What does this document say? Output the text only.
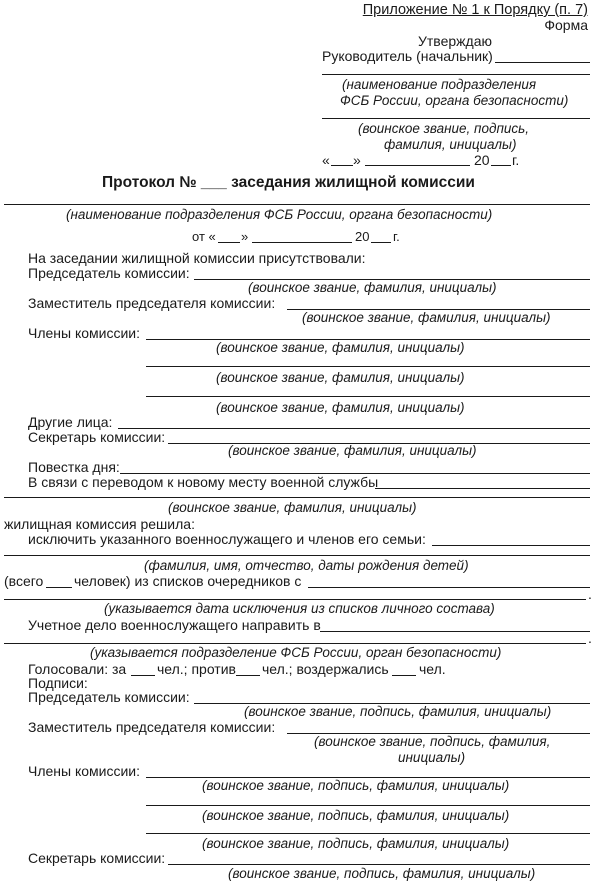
Приложение № 1 к Порядку (п. 7)
Форма
Утверждаю
Руководитель (начальник)
(наименование подразделения
ФСБ России, органа безопасности)
(воинское звание, подпись,
фамилия, инициалы)
« »	20 г.
Протокол № ___ заседания жилищной комиссии
(наименование подразделения ФСБ России, органа безопасности)
от « »	20 г.
На заседании жилищной комиссии присутствовали:
Председатель комиссии:
(воинское звание, фамилия, инициалы)
Заместитель председателя комиссии:
(воинское звание, фамилия, инициалы)
Члены комиссии:
(воинское звание, фамилия, инициалы)
(воинское звание, фамилия, инициалы)
(воинское звание, фамилия, инициалы)
Другие лица:
Секретарь комиссии:
(воинское звание, фамилия, инициалы)
Повестка дня:
В связи с переводом к новому месту военной службы
(воинское звание, фамилия, инициалы)
жилищная комиссия решила:
исключить указанного военнослужащего и членов его семьи:
(фамилия, имя, отчество, даты рождения детей)
(всего человек) из списков очередников с
.
(указывается дата исключения из списков личного состава)
Учетное дело военнослужащего направить в
.
(указывается подразделение ФСБ России, орган безопасности)
Голосовали: за чел.; против чел.; воздержались чел.
Подписи:
Председатель комиссии:
(воинское звание, подпись, фамилия, инициалы)
Заместитель председателя комиссии:
(воинское звание, подпись, фамилия,
инициалы)
Члены комиссии:
(воинское звание, подпись, фамилия, инициалы)
(воинское звание, подпись, фамилия, инициалы)
(воинское звание, подпись, фамилия, инициалы)
Секретарь комиссии:
(воинское звание, подпись, фамилия, инициалы)
